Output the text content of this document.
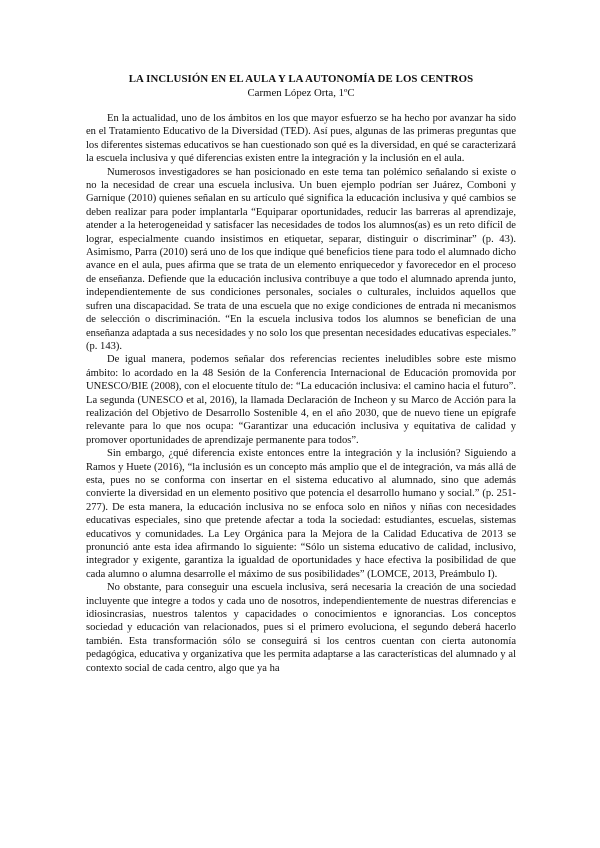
LA INCLUSIÓN EN EL AULA Y LA AUTONOMÍA DE LOS CENTROS

Carmen López Orta, 1ºC

En la actualidad, uno de los ámbitos en los que mayor esfuerzo se ha hecho por avanzar ha sido en el Tratamiento Educativo de la Diversidad (TED). Así pues, algunas de las primeras preguntas que los diferentes sistemas educativos se han cuestionado son qué es la diversidad, en qué se caracterizará la escuela inclusiva y qué diferencias existen entre la integración y la inclusión en el aula.

Numerosos investigadores se han posicionado en este tema tan polémico señalando si existe o no la necesidad de crear una escuela inclusiva. Un buen ejemplo podrían ser Juárez, Comboni y Garnique (2010) quienes señalan en su artículo qué significa la educación inclusiva y qué cambios se deben realizar para poder implantarla “Equiparar oportunidades, reducir las barreras al aprendizaje, atender a la heterogeneidad y satisfacer las necesidades de todos los alumnos(as) es un reto difícil de lograr, especialmente cuando insistimos en etiquetar, separar, distinguir o discriminar” (p. 43). Asimismo, Parra (2010) será uno de los que indique qué beneficios tiene para todo el alumnado dicho avance en el aula, pues afirma que se trata de un elemento enriquecedor y favorecedor en el proceso de enseñanza. Defiende que la educación inclusiva contribuye a que todo el alumnado aprenda junto, independientemente de sus condiciones personales, sociales o culturales, incluidos aquellos que sufren una discapacidad. Se trata de una escuela que no exige condiciones de entrada ni mecanismos de selección o discriminación. “En la escuela inclusiva todos los alumnos se benefician de una enseñanza adaptada a sus necesidades y no solo los que presentan necesidades educativas especiales.” (p. 143).

De igual manera, podemos señalar dos referencias recientes ineludibles sobre este mismo ámbito: lo acordado en la 48 Sesión de la Conferencia Internacional de Educación promovida por UNESCO/BIE (2008), con el elocuente título de: “La educación inclusiva: el camino hacia el futuro”. La segunda (UNESCO et al, 2016), la llamada Declaración de Incheon y su Marco de Acción para la realización del Objetivo de Desarrollo Sostenible 4, en el año 2030, que de nuevo tiene un epígrafe relevante para lo que nos ocupa: “Garantizar una educación inclusiva y equitativa de calidad y promover oportunidades de aprendizaje permanente para todos”.

Sin embargo, ¿qué diferencia existe entonces entre la integración y la inclusión? Siguiendo a Ramos y Huete (2016), “la inclusión es un concepto más amplio que el de integración, va más allá de esta, pues no se conforma con insertar en el sistema educativo al alumnado, sino que además convierte la diversidad en un elemento positivo que potencia el desarrollo humano y social.” (p. 251-277). De esta manera, la educación inclusiva no se enfoca solo en niños y niñas con necesidades educativas especiales, sino que pretende afectar a toda la sociedad: estudiantes, escuelas, sistemas educativos y comunidades. La Ley Orgánica para la Mejora de la Calidad Educativa de 2013 se pronunció ante esta idea afirmando lo siguiente: “Sólo un sistema educativo de calidad, inclusivo, integrador y exigente, garantiza la igualdad de oportunidades y hace efectiva la posibilidad de que cada alumno o alumna desarrolle el máximo de sus posibilidades” (LOMCE, 2013, Preámbulo I).

No obstante, para conseguir una escuela inclusiva, será necesaria la creación de una sociedad incluyente que integre a todos y cada uno de nosotros, independientemente de nuestras diferencias e idiosincrasias, nuestros talentos y capacidades o conocimientos e ignorancias. Los conceptos sociedad y educación van relacionados, pues si el primero evoluciona, el segundo deberá hacerlo también. Esta transformación sólo se conseguirá si los centros cuentan con cierta autonomía pedagógica, educativa y organizativa que les permita adaptarse a las características del alumnado y al contexto social de cada centro, algo que ya ha
